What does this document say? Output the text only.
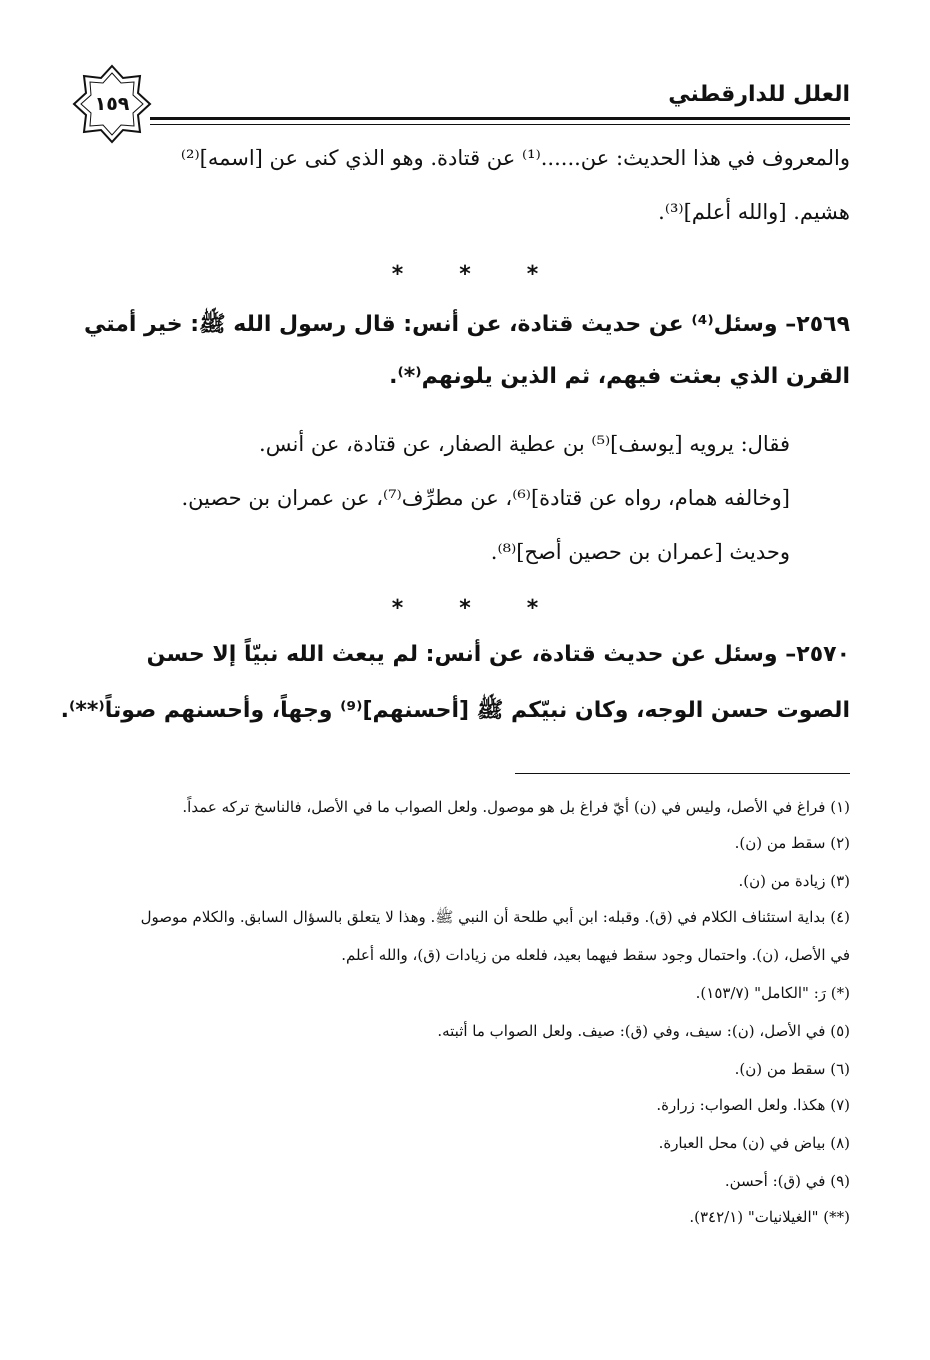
العلل للدارقطني
١٥٩
والمعروف في هذا الحديث: عن......⁽¹⁾ عن قتادة. وهو الذي كنى عن [اسمه]⁽²⁾
هشيم. [والله أعلم]⁽³⁾.
*	*	*
٢٥٦٩– وسئل⁽⁴⁾ عن حديث قتادة، عن أنس: قال رسول الله ﷺ: خير أمتي
القرن الذي بعثت فيهم، ثم الذين يلونهم⁽*⁾.
فقال: يرويه [يوسف]⁽⁵⁾ بن عطية الصفار، عن قتادة، عن أنس.
[وخالفه همام، رواه عن قتادة]⁽⁶⁾، عن مطرِّف⁽⁷⁾، عن عمران بن حصين.
وحديث [عمران بن حصين أصح]⁽⁸⁾.
*	*	*
٢٥٧٠– وسئل عن حديث قتادة، عن أنس: لم يبعث الله نبيّاً إلا حسن
الصوت حسن الوجه، وكان نبيّكم ﷺ [أحسنهم]⁽⁹⁾ وجهاً، وأحسنهم صوتاً⁽**⁾.
(١) فراغ في الأصل، وليس في (ن) أيّ فراغ بل هو موصول. ولعل الصواب ما في الأصل، فالناسخ تركه عمداً.
(٢) سقط من (ن).
(٣) زيادة من (ن).
(٤) بداية استئناف الكلام في (ق). وقبله: ابن أبي طلحة أن النبي ﷺ. وهذا لا يتعلق بالسؤال السابق. والكلام موصول
في الأصل، (ن). واحتمال وجود سقط فيهما بعيد، فلعله من زيادات (ق)، والله أعلم.
(*) رَ: "الكامل" (١٥٣/٧).
(٥) في الأصل، (ن): سيف، وفي (ق): صيف. ولعل الصواب ما أثبته.
(٦) سقط من (ن).
(٧) هكذا. ولعل الصواب: زرارة.
(٨) بياض في (ن) محل العبارة.
(٩) في (ق): أحسن.
(**) "الغيلانيات" (٣٤٢/١).
